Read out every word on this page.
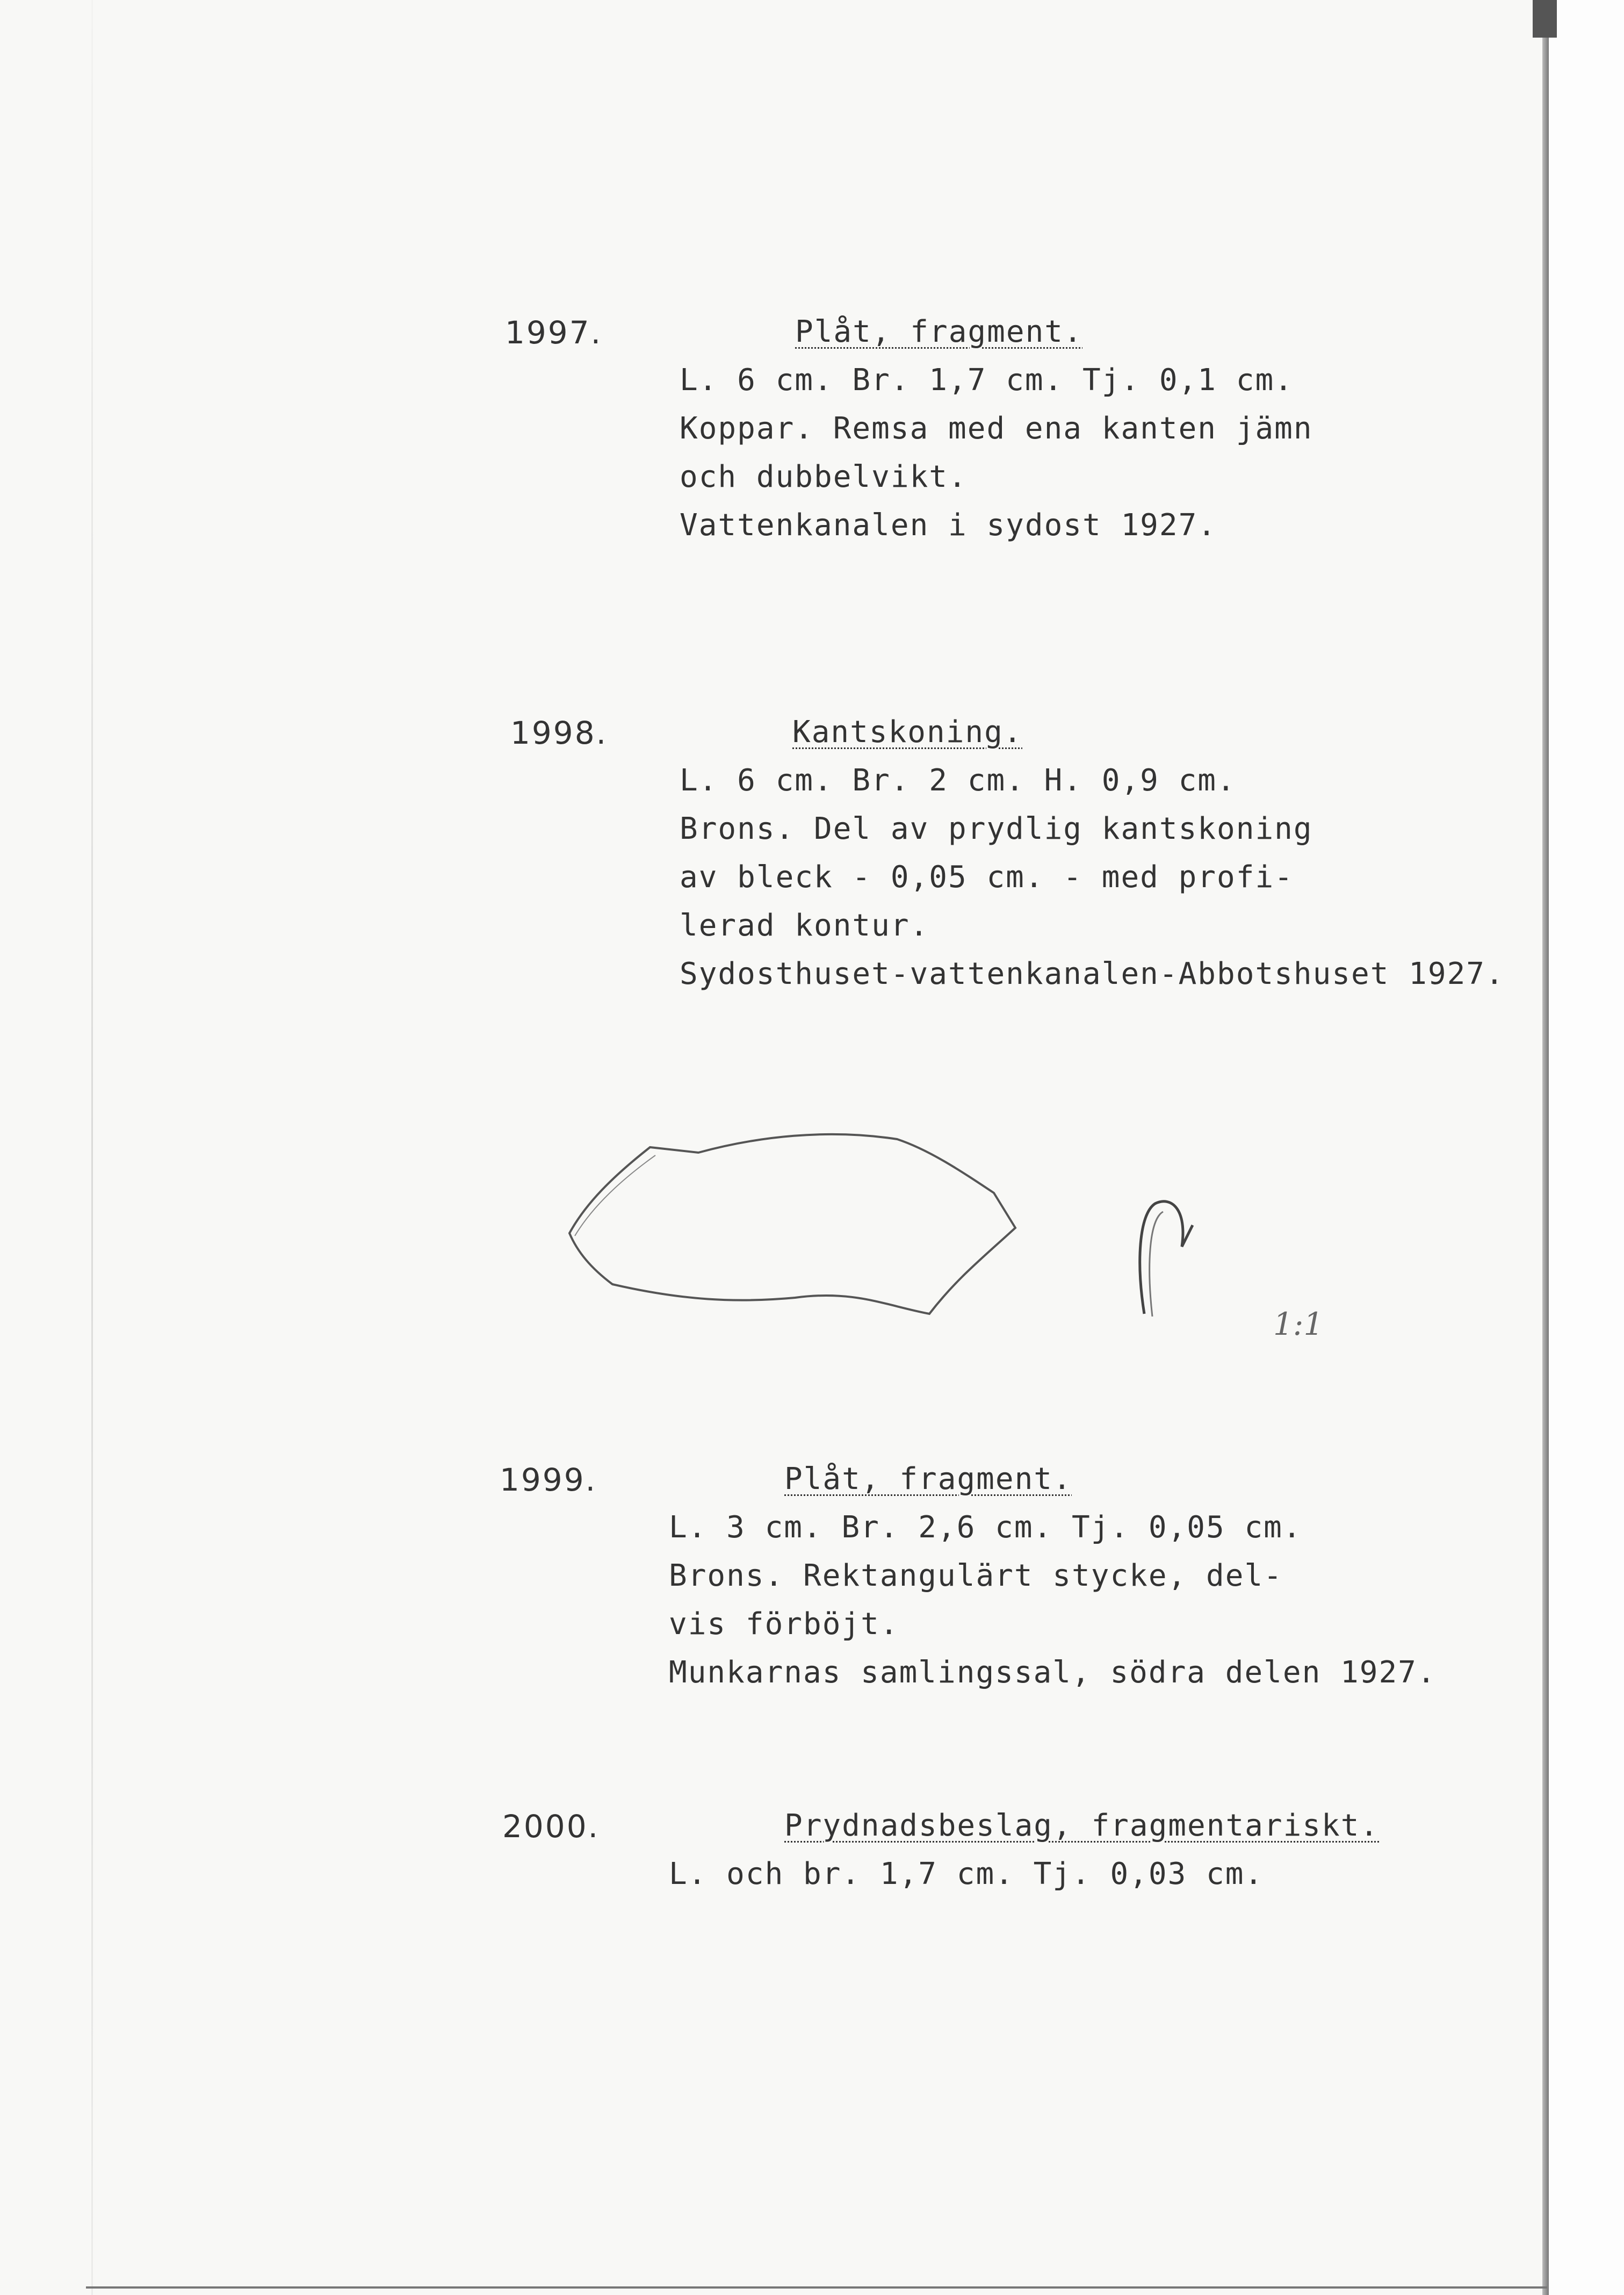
1997.	Plåt, fragment.
L. 6 cm. Br. 1,7 cm. Tj. 0,1 cm.
Koppar. Remsa med ena kanten jämn
och dubbelvikt.
Vattenkanalen i sydost 1927.
1998.	Kantskoning.
L. 6 cm. Br. 2 cm. H. 0,9 cm.
Brons. Del av prydlig kantskoning
av bleck - 0,05 cm. - med profi-
lerad kontur.
Sydosthuset-vattenkanalen-Abbotshuset 1927.
1:1
1999.	Plåt, fragment.
L. 3 cm. Br. 2,6 cm. Tj. 0,05 cm.
Brons. Rektangulärt stycke, del-
vis förböjt.
Munkarnas samlingssal, södra delen 1927.
2000.	Prydnadsbeslag, fragmentariskt.
L. och br. 1,7 cm. Tj. 0,03 cm.
